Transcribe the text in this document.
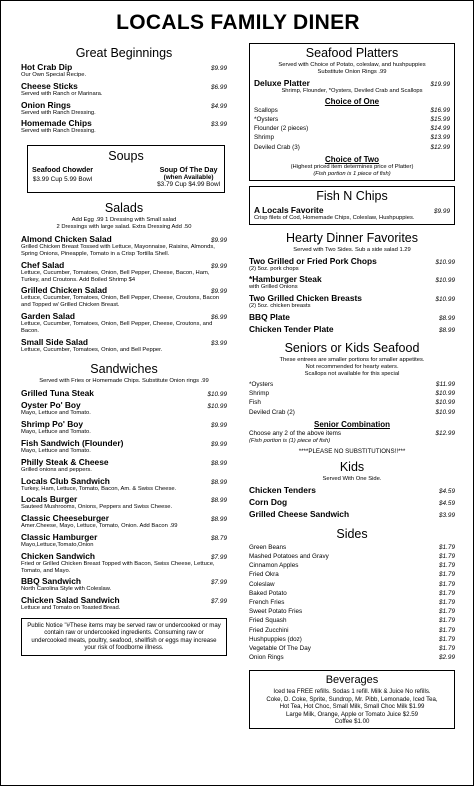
LOCALS FAMILY DINER
Great Beginnings
Hot Crab Dip	$9.99
Our Own Special Recipe.
Cheese Sticks	$6.99
Served with Ranch or Marinara.
Onion Rings	$4.99
Served with Ranch Dressing.
Homemade Chips	$3.99
Served with Ranch Dressing.
Soups
Seafood Chowder
$3.99 Cup 5.99 Bowl
Soup Of The Day
(when Available)
$3.79 Cup $4.99 Bowl
Salads
Add Egg .99 1 Dressing with Small salad
2 Dressings with large salad. Extra Dressing Add .50
Almond Chicken Salad	$9.99
Grilled Chicken Breast Tossed with Lettuce, Mayonnaise, Raisins, Almonds, Spring Onions, Pineapple, Tomato in a Crisp Tortilla Shell.
Chef Salad	$9.99
Lettuce, Cucumber, Tomatoes, Onion, Bell Pepper, Cheese, Bacon, Ham, Turkey, and Croutons. Add Boiled Shrimp $4
Grilled Chicken Salad	$9.99
Lettuce, Cucumber, Tomatoes, Onion, Bell Pepper, Cheese, Croutons, Bacon and Topped w/ Grilled Chicken Breast.
Garden Salad	$6.99
Lettuce, Cucumber, Tomatoes, Onion, Bell Pepper, Cheese, Croutons, and Bacon.
Small Side Salad	$3.99
Lettuce, Cucumber, Tomatoes, Onion, and Bell Pepper.
Sandwiches
Served with Fries or Homemade Chips. Substitute Onion rings .99
Grilled Tuna Steak	$10.99
Oyster Po' Boy	$10.99
Mayo, Lettuce and Tomato.
Shrimp Po' Boy	$9.99
Mayo, Lettuce and Tomato.
Fish Sandwich (Flounder)	$9.99
Mayo, Lettuce and Tomato.
Philly Steak & Cheese	$8.99
Grilled onions and peppers.
Locals Club Sandwich	$8.99
Turkey, Ham, Lettuce, Tomato, Bacon, Am. & Swiss Cheese.
Locals Burger	$8.99
Sauteed Mushrooms, Onions, Peppers and Swiss Cheese.
Classic Cheeseburger	$8.99
Amer.Cheese, Mayo, Lettuce, Tomato, Onion. Add Bacon .99
Classic Hamburger	$8.79
Mayo,Lettuce,Tomato,Onion
Chicken Sandwich	$7.99
Fried or Grilled Chicken Breast Topped with Bacon, Swiss Cheese, Lettuce, Tomato, and Mayo.
BBQ Sandwich	$7.99
North Carolina Style with Coleslaw.
Chicken Salad Sandwich	$7.99
Lettuce and Tomato on Toasted Bread.
Public Notice "#These items may be served raw or undercooked or may contain raw or undercooked ingredients. Consuming raw or undercooked meats, poultry, seafood, shellfish or eggs may increase your risk of foodborne illness.
Seafood Platters
Served with Choice of Potato, coleslaw, and hushpuppies
Substitute Onion Rings .99
Deluxe Platter	$19.99
Shrimp, Flounder, *Oysters, Deviled Crab and Scallops
Choice of One
Scallops	$16.99
*Oysters	$15.99
Flounder (2 pieces)	$14.99
Shrimp	$13.99
Deviled Crab (3)	$12.99
Choice of Two
(Highest priced item determines price of Platter)
(Fish portion is 1 piece of fish)
Fish N Chips
A Locals Favorite	$9.99
Crisp filets of Cod, Homemade Chips, Coleslaw, Hushpuppies.
Hearty Dinner Favorites
Served with Two Sides. Sub a side salad 1.29
Two Grilled or Fried Pork Chops	$10.99
(2) 5oz. pork chops
*Hamburger Steak	$10.99
with Grilled Onions
Two Grilled Chicken Breasts	$10.99
(2) 5oz. chicken breasts
BBQ Plate	$8.99
Chicken Tender Plate	$8.99
Seniors or Kids Seafood
These entrees are smaller portions for smaller appetites.
Not recommended for hearty eaters.
Scallops not available for this special
*Oysters	$11.99
Shrimp	$10.99
Fish	$10.99
Deviled Crab (2)	$10.99
Senior Combination
Choose any 2 of the above items	$12.99
(Fish portion is (1) piece of fish)
****PLEASE NO SUBSTITUTIONS!!***
Kids
Served With One Side.
Chicken Tenders	$4.59
Corn Dog	$4.59
Grilled Cheese Sandwich	$3.99
Sides
Green Beans	$1.79
Mashed Potatoes and Gravy	$1.79
Cinnamon Apples	$1.79
Fried Okra	$1.79
Coleslaw	$1.79
Baked Potato	$1.79
French Fries	$1.79
Sweet Potato Fries	$1.79
Fried Squash	$1.79
Fried Zucchini	$1.79
Hushpuppies (doz)	$1.79
Vegetable Of The Day	$1.79
Onion Rings	$2.99
Beverages
Iced tea FREE refills. Sodas 1 refill. Milk & Juice No refills.
Coke, D. Coke, Sprite, Sundrop, Mr. Pibb, Lemonade, Iced Tea,
Hot Tea, Hot Choc, Small Milk, Small Choc Milk $1.99
Large Milk, Orange, Apple or Tomato Juice $2.59
Coffee $1.00
